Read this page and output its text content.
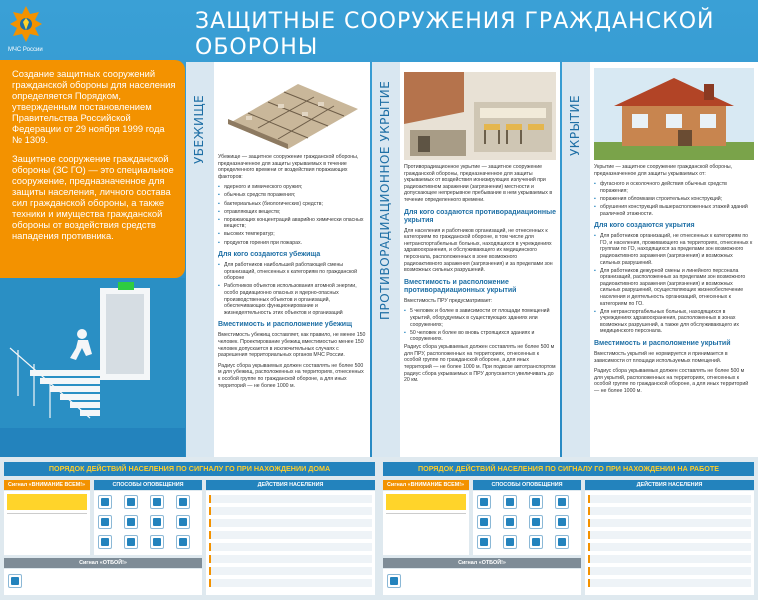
МЧС России
ЗАЩИТНЫЕ СООРУЖЕНИЯ ГРАЖДАНСКОЙ ОБОРОНЫ

Создание защитных сооружений гражданской обороны для населения определяется Порядком, утвержденным постановлением Правительства Российской Федерации от 29 ноября 1999 года № 1309.

Защитное сооружение гражданской обороны (ЗС ГО) — это специальное сооружение, предназначенное для защиты населения, личного состава сил гражданской обороны, а также техники и имущества гражданской обороны от воздействия средств нападения противника.

УБЕЖИЩЕ Убежище — защитное сооружение гражданской обороны, предназначенное для защиты укрываемых в течение определенного времени от воздействия поражающих факторов:
▪ ядерного и химического оружия;
▪ обычных средств поражения;
▪ бактериальных (биологических) средств;
▪ отравляющих веществ;
▪ поражающих концентраций аварийно химически опасных веществ;
▪ высоких температур;
▪ продуктов горения при пожарах.
Для кого создаются убежища
▪ Для работников наибольшей работающей смены организаций, отнесенных к категориям по гражданской обороне
▪ Работников объектов использования атомной энергии, особо радиационно опасных и ядерно-опасных производственных объектов и организаций, обеспечивающих функционирование и жизнедеятельность этих объектов и организаций
Вместимость и расположение убежищ
Вместимость убежищ составляет, как правило, не менее 150 человек. Проектирование убежищ вместимостью менее 150 человек допускается в исключительных случаях с разрешения территориальных органов МЧС России.
Радиус сбора укрываемых должен составлять не более 500 м для убежищ, расположенных на территориях, отнесенных к особой группе по гражданской обороне, а для иных территорий — не более 1000 м.
ПРОТИВОРАДИАЦИОННОЕ УКРЫТИЕ Противорадиационное укрытие — защитное сооружение гражданской обороны, предназначенное для защиты укрываемых от воздействия ионизирующих излучений при радиоактивном заражении (загрязнении) местности и допускающее непрерывное пребывание в нем укрываемых в течение определенного времени.
Для кого создаются противорадиационные укрытия
Для населения и работников организаций, не отнесенных к категориям по гражданской обороне, в том числе для нетранспортабельных больных, находящихся в учреждениях здравоохранения, и обслуживающего их медицинского персонала, расположенных в зоне возможного радиоактивного заражения (загрязнения) и за пределами зон возможных сильных разрушений.
Вместимость и расположение противорадиационных укрытий
Вместимость ПРУ предусматривает:
▪ 5 человек и более в зависимости от площади помещений укрытий, оборудуемых в существующих зданиях или сооружениях;
▪ 50 человек и более во вновь строящихся зданиях и сооружениях.
Радиус сбора укрываемых должен составлять не более 500 м для ПРУ, расположенных на территориях, отнесенных к особой группе по гражданской обороне, а для иных территорий — не более 1000 м. При подвозе автотранспортом радиус сбора укрываемых в ПРУ допускается увеличивать до 20 км.
УКРЫТИЕ
Укрытие — защитное сооружение гражданской обороны, предназначенное для защиты укрываемых от:
▪ фугасного и осколочного действия обычных средств поражения;
▪ поражения обломками строительных конструкций;
▪ обрушения конструкций вышерасположенных этажей зданий различной этажности.
Для кого создаются укрытия
▪ Для работников организаций, не отнесенных к категориям по ГО, и населения, проживающего на территориях, отнесенных к группам по ГО, находящихся за пределами зон возможного радиоактивного заражения (загрязнения) и возможных сильных разрушений.
▪ Для работников дежурной смены и линейного персонала организаций, расположенных за пределами зон возможного радиоактивного заражения (загрязнения) и возможных сильных разрушений, осуществляющих жизнеобеспечение населения и деятельность организаций, отнесенных к категориям по ГО.
▪ Для нетранспортабельных больных, находящихся в учреждениях здравоохранения, расположенных в зонах возможных разрушений, а также для обслуживающего их медицинского персонала.
Вместимость и расположение укрытий
Вместимость укрытий не нормируется и принимается в зависимости от площади используемых помещений.
Радиус сбора укрываемых должен составлять не более 500 м для укрытий, расположенных на территориях, отнесенных к особой группе по гражданской обороне, а для иных территорий — не более 1000 м.
ПОРЯДОК ДЕЙСТВИЙ НАСЕЛЕНИЯ ПО СИГНАЛУ ГО ПРИ НАХОЖДЕНИИ ДОМА
Сигнал «ВНИМАНИЕ ВСЕМ!»	СПОСОБЫ ОПОВЕЩЕНИЯ	ДЕЙСТВИЯ НАСЕЛЕНИЯ
Сигнал «ОТБОЙ!»
ПОРЯДОК ДЕЙСТВИЙ НАСЕЛЕНИЯ ПО СИГНАЛУ ГО ПРИ НАХОЖДЕНИИ НА РАБОТЕ
Сигнал «ВНИМАНИЕ ВСЕМ!»	СПОСОБЫ ОПОВЕЩЕНИЯ	ДЕЙСТВИЯ НАСЕЛЕНИЯ
Сигнал «ОТБОЙ!»
